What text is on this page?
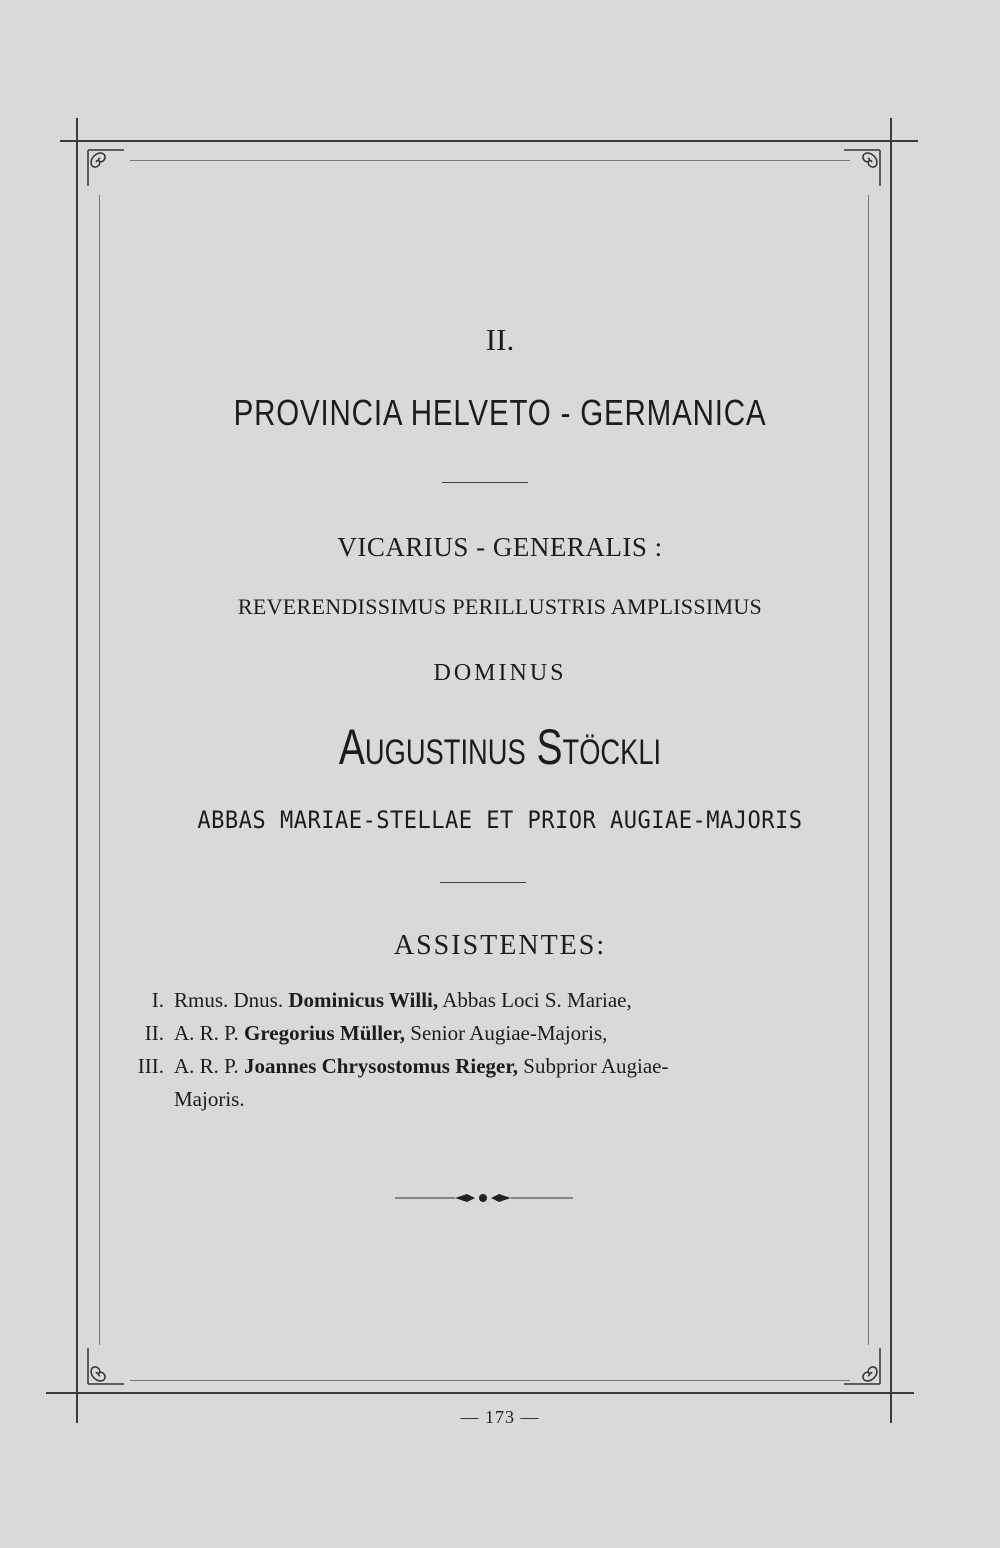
II.
PROVINCIA HELVETO - GERMANICA
VICARIUS - GENERALIS :
REVERENDISSIMUS PERILLUSTRIS AMPLISSIMUS
DOMINUS
Augustinus Stöckli
ABBAS MARIAE-STELLAE ET PRIOR AUGIAE-MAJORIS
ASSISTENTES:
I. Rmus. Dnus. Dominicus Willi, Abbas Loci S. Mariae,
II. A. R. P. Gregorius Müller, Senior Augiae-Majoris,
III. A. R. P. Joannes Chrysostomus Rieger, Subprior Augiae-
Majoris.
— 173 —
